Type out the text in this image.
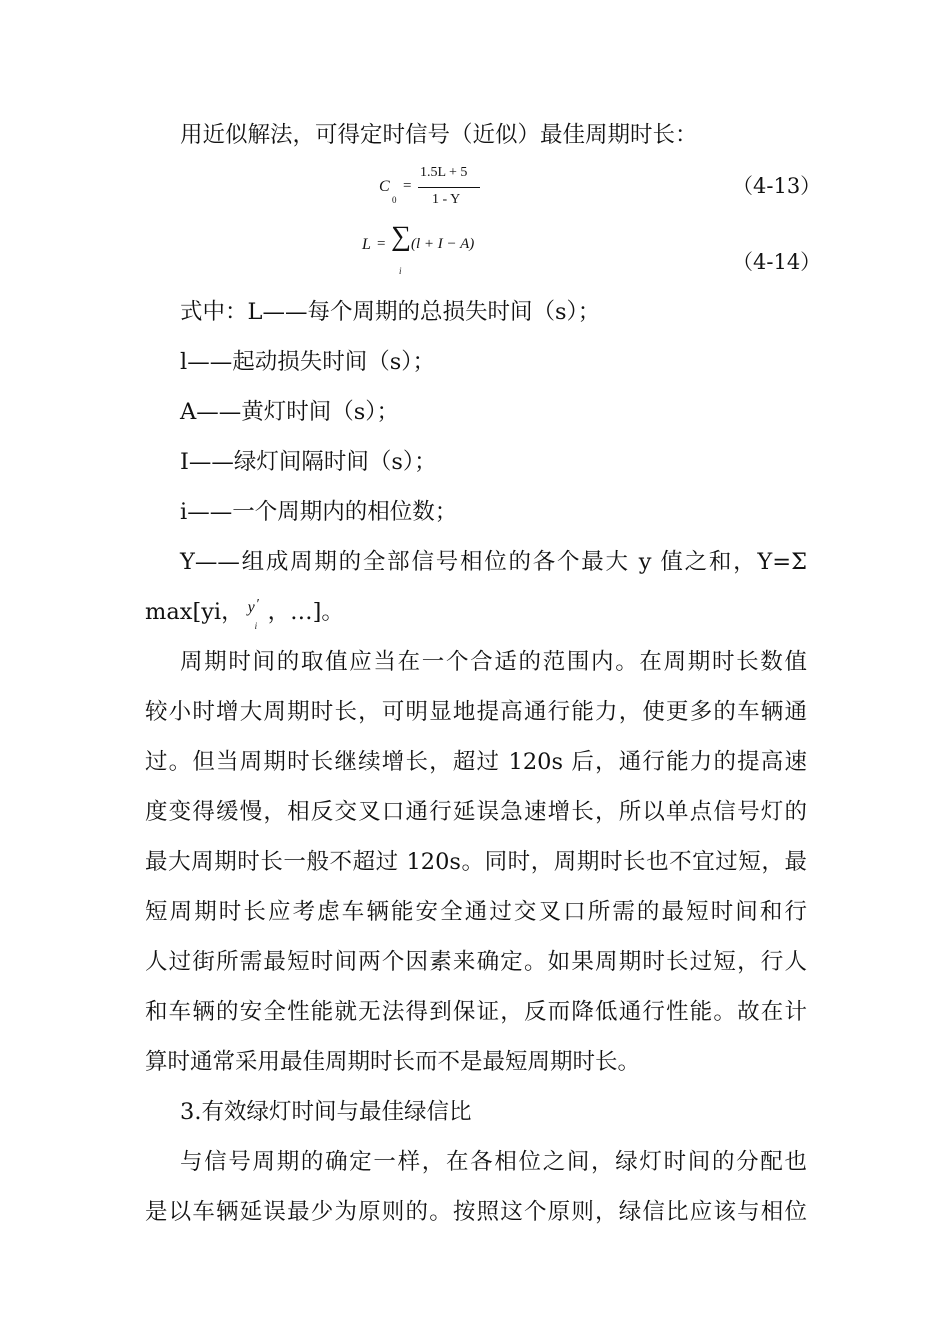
用近似解法，可得定时信号（近似）最佳周期时长：
C
0
=
1.5L + 5
1 - Y
（4-13）
L = ∑
i
(l + I − A)
（4-14）
式中：L——每个周期的总损失时间（s）；
l——起动损失时间（s）；
A——黄灯时间（s）；
I——绿灯间隔时间（s）；
i——一个周期内的相位数；
Y——组成周期的全部信号相位的各个最大 y 值之和，Y=Σ
max[yi， y ′
i
，…]。
周期时间的取值应当在一个合适的范围内。在周期时长数值
较小时增大周期时长，可明显地提高通行能力，使更多的车辆通
过。但当周期时长继续增长，超过 120s 后，通行能力的提高速
度变得缓慢，相反交叉口通行延误急速增长，所以单点信号灯的
最大周期时长一般不超过 120s。同时，周期时长也不宜过短，最
短周期时长应考虑车辆能安全通过交叉口所需的最短时间和行
人过街所需最短时间两个因素来确定。如果周期时长过短，行人
和车辆的安全性能就无法得到保证，反而降低通行性能。故在计
算时通常采用最佳周期时长而不是最短周期时长。
3.有效绿灯时间与最佳绿信比
与信号周期的确定一样，在各相位之间，绿灯时间的分配也
是以车辆延误最少为原则的。按照这个原则，绿信比应该与相位
